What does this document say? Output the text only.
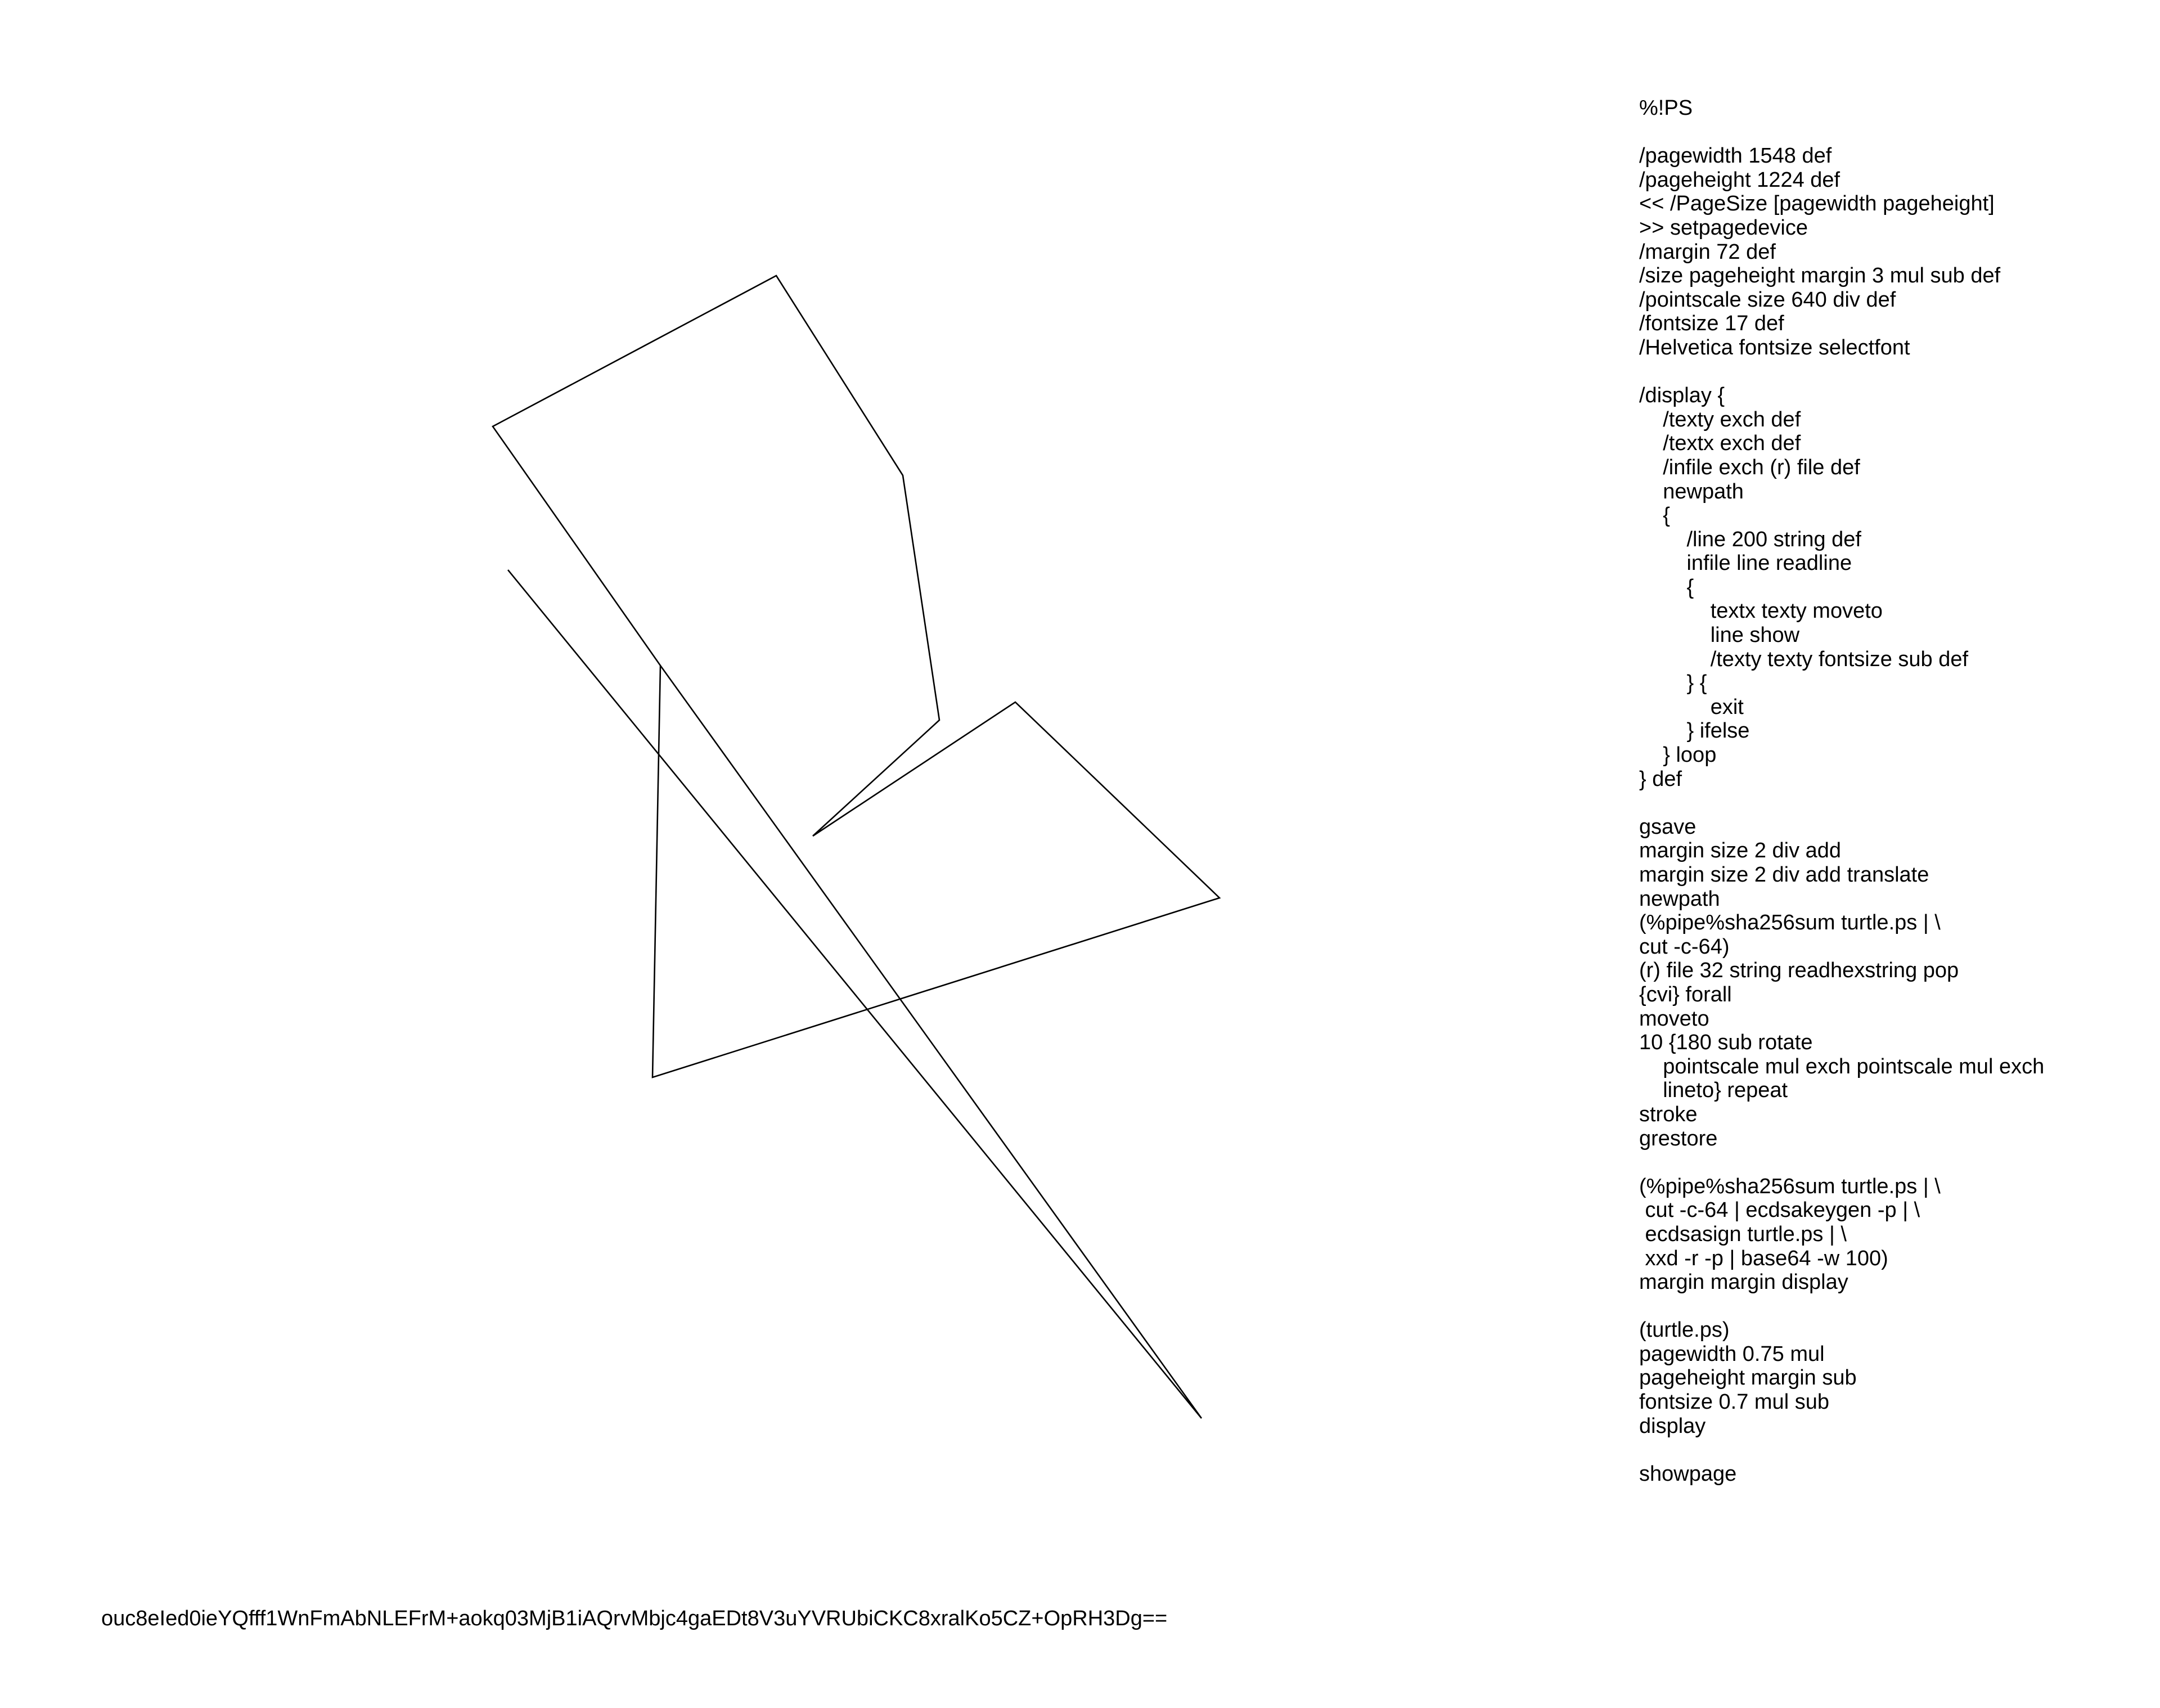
%!PS

/pagewidth 1548 def
/pageheight 1224 def
<< /PageSize [pagewidth pageheight]
>> setpagedevice
/margin 72 def
/size pageheight margin 3 mul sub def
/pointscale size 640 div def
/fontsize 17 def
/Helvetica fontsize selectfont

/display {
/texty exch def
/textx exch def
/infile exch (r) file def
newpath
{
/line 200 string def
infile line readline
{
textx texty moveto
line show
/texty texty fontsize sub def
} {
exit
} ifelse
} loop
} def

gsave
margin size 2 div add
margin size 2 div add translate
newpath
(%pipe%sha256sum turtle.ps | \
cut -c-64)
(r) file 32 string readhexstring pop
{cvi} forall
moveto
10 {180 sub rotate
pointscale mul exch pointscale mul exch
lineto} repeat
stroke
grestore

(%pipe%sha256sum turtle.ps | \
cut -c-64 | ecdsakeygen -p | \
ecdsasign turtle.ps | \
xxd -r -p | base64 -w 100)
margin margin display

(turtle.ps)
pagewidth 0.75 mul
pageheight margin sub
fontsize 0.7 mul sub
display

showpage
ouc8eIed0ieYQfff1WnFmAbNLEFrM+aokq03MjB1iAQrvMbjc4gaEDt8V3uYVRUbiCKC8xralKo5CZ+OpRH3Dg==
